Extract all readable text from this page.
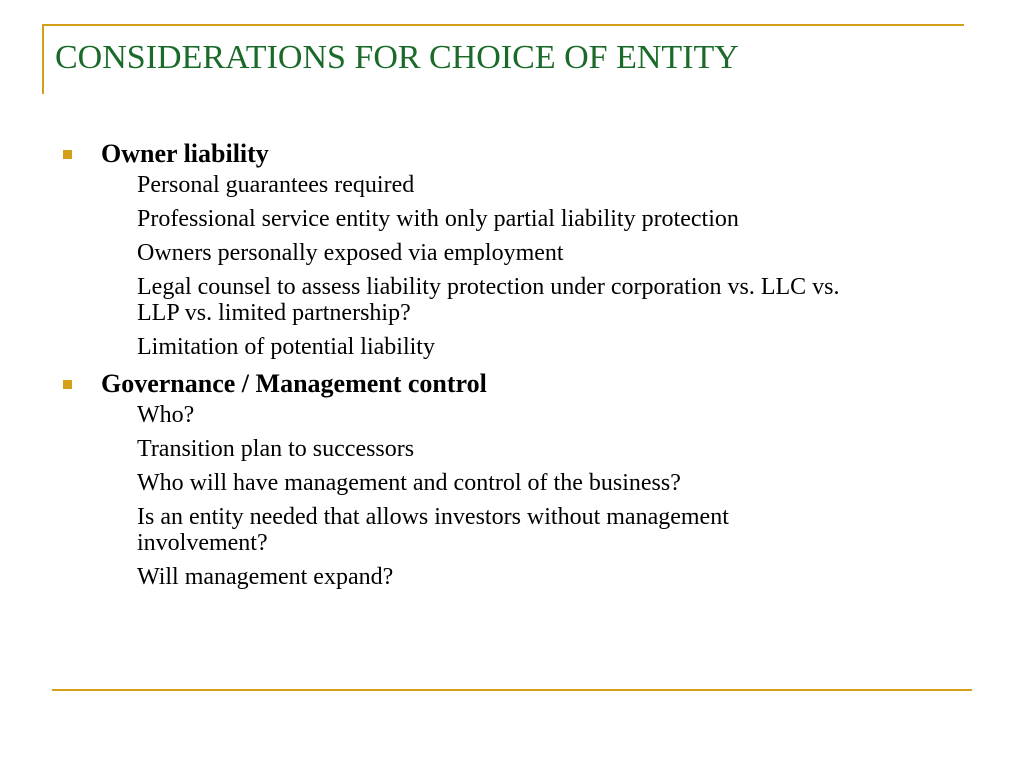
CONSIDERATIONS FOR CHOICE OF ENTITY
Owner liability
Personal guarantees required
Professional service entity with only partial liability protection
Owners personally exposed via employment
Legal counsel to assess liability protection under corporation vs. LLC vs. LLP vs. limited partnership?
Limitation of potential liability
Governance / Management control
Who?
Transition plan to successors
Who will have management and control of the business?
Is an entity needed that allows investors without management involvement?
Will management expand?
